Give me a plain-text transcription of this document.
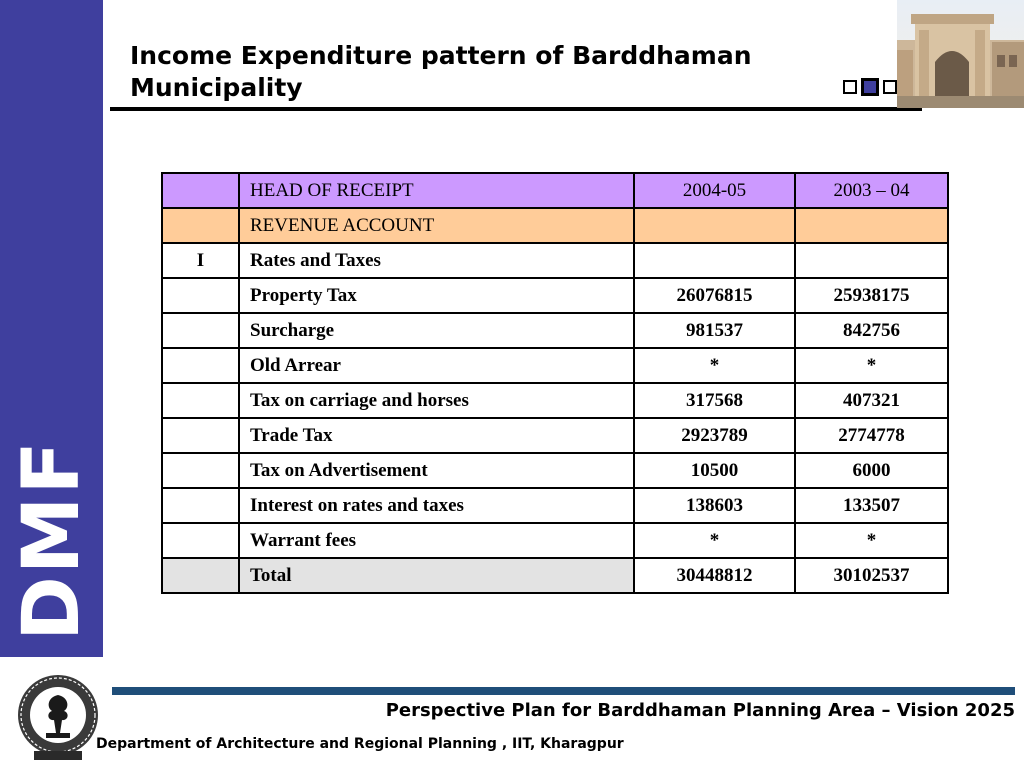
DMF
Income Expenditure pattern of Barddhaman Municipality
	HEAD OF RECEIPT	2004-05	2003 – 04
	REVENUE ACCOUNT		
I	Rates and Taxes		
	Property Tax	26076815	25938175
	Surcharge	981537	842756
	Old Arrear	*	*
	Tax on carriage and horses	317568	407321
	Trade Tax	2923789	2774778
	Tax on Advertisement	10500	6000
	Interest on rates and taxes	138603	133507
	Warrant fees	*	*
	Total	30448812	30102537
Perspective Plan for Barddhaman Planning Area – Vision 2025
Department of Architecture and Regional Planning , IIT, Kharagpur
